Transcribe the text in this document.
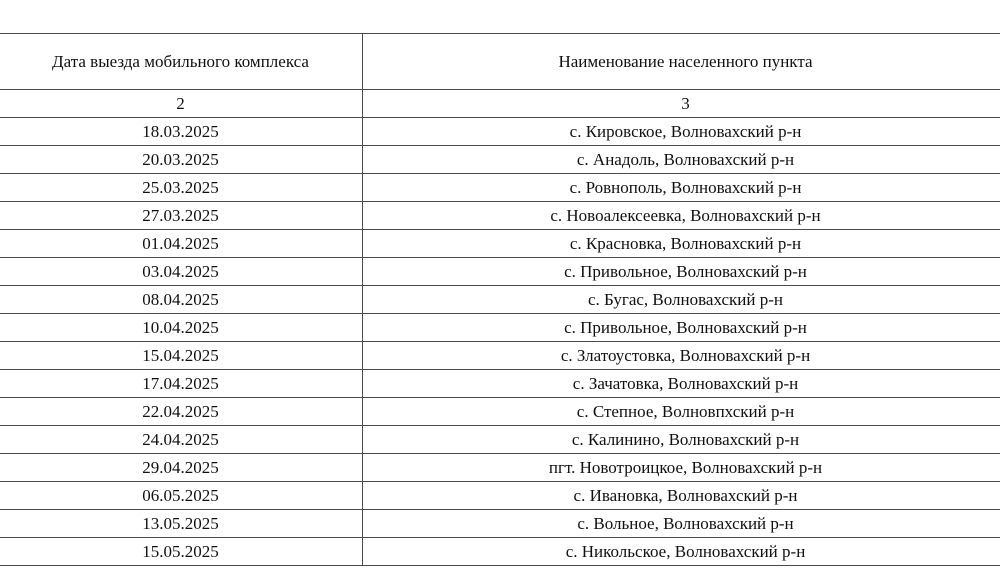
Дата выезда мобильного комплекса	Наименование населенного пункта
2	3
18.03.2025	с. Кировское, Волновахский р-н
20.03.2025	с. Анадоль, Волновахский р-н
25.03.2025	с. Ровнополь, Волновахский р-н
27.03.2025	с. Новоалексеевка, Волновахский р-н
01.04.2025	с. Красновка, Волновахский р-н
03.04.2025	с. Привольное, Волновахский р-н
08.04.2025	с. Бугас, Волновахский р-н
10.04.2025	с. Привольное, Волновахский р-н
15.04.2025	с. Златоустовка, Волновахский р-н
17.04.2025	с. Зачатовка, Волновахский р-н
22.04.2025	с. Степное, Волновпхский р-н
24.04.2025	с. Калинино, Волновахский р-н
29.04.2025	пгт. Новотроицкое, Волновахский р-н
06.05.2025	с. Ивановка, Волновахский р-н
13.05.2025	с. Вольное, Волновахский р-н
15.05.2025	с. Никольское, Волновахский р-н
